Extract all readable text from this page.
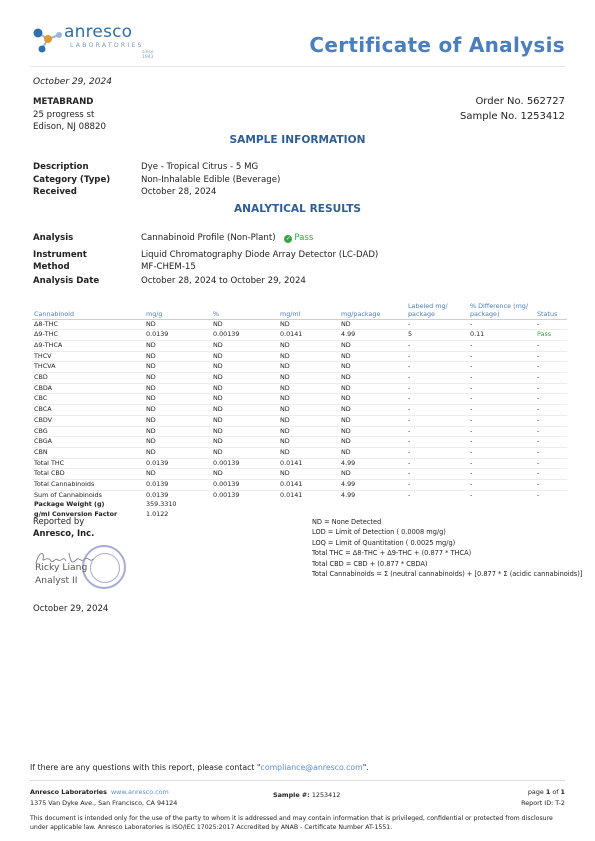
anresco
LABORATORIES
since 1943
Certificate of Analysis
October 29, 2024
METABRAND
25 progress st
Edison, NJ 08820
Order No. 562727
Sample No. 1253412
SAMPLE INFORMATION
Description	Dye - Tropical Citrus - 5 MG
Category (Type)	Non-Inhalable Edible (Beverage)
Received	October 28, 2024
ANALYTICAL RESULTS
Analysis	Cannabinoid Profile (Non-Plant) ✓ Pass
Instrument	Liquid Chromatography Diode Array Detector (LC-DAD)
Method	MF-CHEM-15
Analysis Date	October 28, 2024 to October 29, 2024
Cannabinoid	mg/g	%	mg/ml	mg/package	Labeled mg/ package	% Difference (mg/ package)	Status
Δ8-THC	ND	ND	ND	ND	-	-	-
Δ9-THC	0.0139	0.00139	0.0141	4.99	5	0.11	Pass
Δ9-THCA	ND	ND	ND	ND	-	-	-
THCV	ND	ND	ND	ND	-	-	-
THCVA	ND	ND	ND	ND	-	-	-
CBD	ND	ND	ND	ND	-	-	-
CBDA	ND	ND	ND	ND	-	-	-
CBC	ND	ND	ND	ND	-	-	-
CBCA	ND	ND	ND	ND	-	-	-
CBDV	ND	ND	ND	ND	-	-	-
CBG	ND	ND	ND	ND	-	-	-
CBGA	ND	ND	ND	ND	-	-	-
CBN	ND	ND	ND	ND	-	-	-
Total THC	0.0139	0.00139	0.0141	4.99	-	-	-
Total CBD	ND	ND	ND	ND	-	-	-
Total Cannabinoids	0.0139	0.00139	0.0141	4.99	-	-	-
Sum of Cannabinoids	0.0139	0.00139	0.0141	4.99	-	-	-
Package Weight (g)	359.3310						
g/ml Conversion Factor	1.0122						
Reported by
Anresco, Inc.
Ricky Liang
Analyst II
October 29, 2024
ND = None Detected
LOD = Limit of Detection ( 0.0008 mg/g)
LOQ = Limit of Quantitation ( 0.0025 mg/g)
Total THC = Δ8-THC + Δ9-THC + (0.877 * THCA)
Total CBD = CBD + (0.877 * CBDA)
Total Cannabinoids = Σ (neutral cannabinoids) + [0.877 * Σ (acidic cannabinoids)]
If there are any questions with this report, please contact "compliance@anresco.com".
Anresco Laboratories www.anresco.com
1375 Van Dyke Ave., San Francisco, CA 94124
Sample #: 1253412	page 1 of 1
Report ID: T-2
This document is intended only for the use of the party to whom it is addressed and may contain information that is privileged, confidential or protected from disclosure under applicable law. Anresco Laboratories is ISO/IEC 17025:2017 Accredited by ANAB - Certificate Number AT-1551.
